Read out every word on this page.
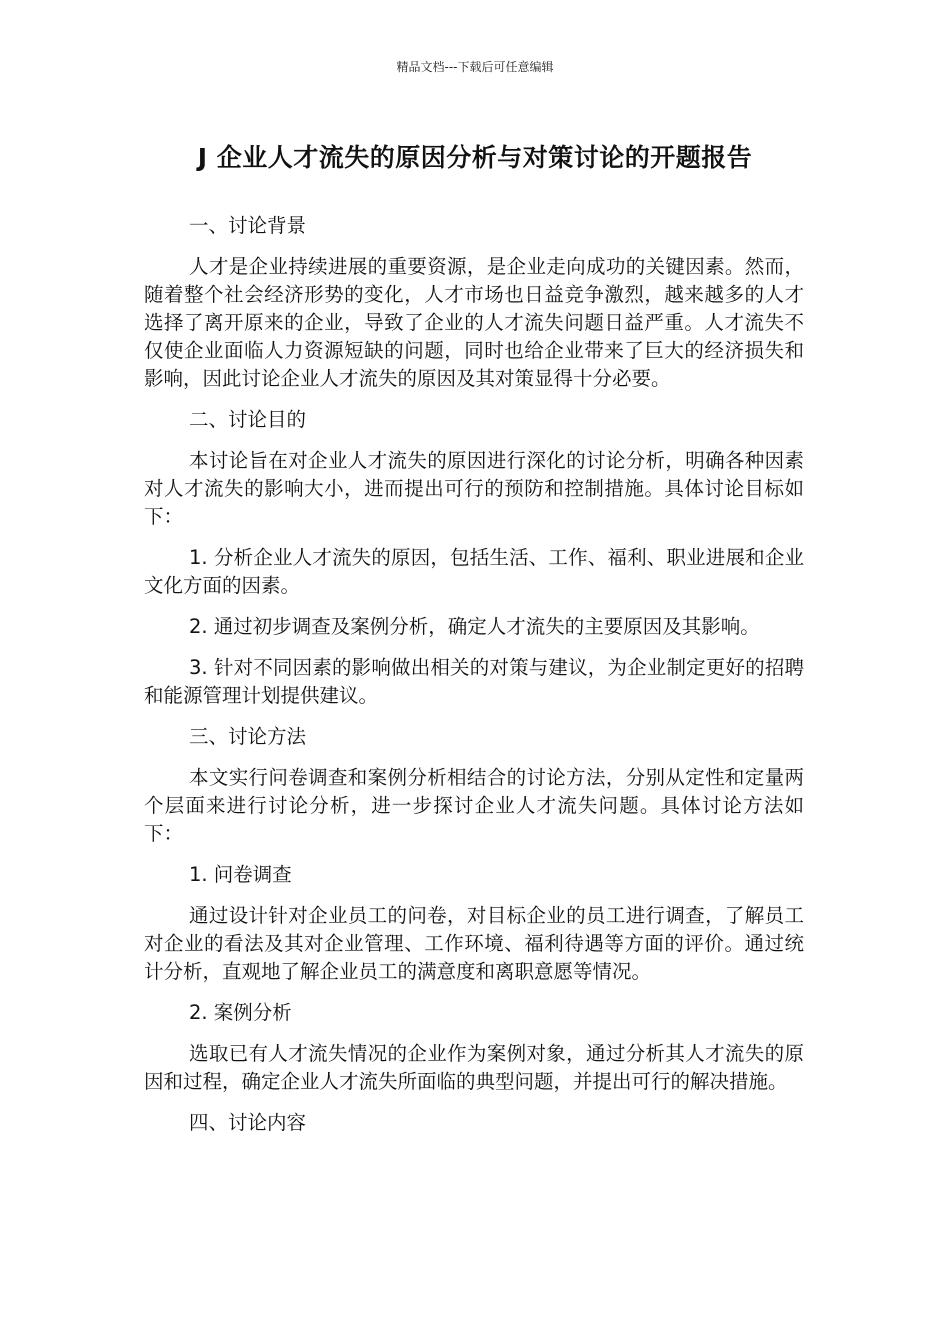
精品文档---下载后可任意编辑
J 企业人才流失的原因分析与对策讨论的开题报告
一、讨论背景
人才是企业持续进展的重要资源，是企业走向成功的关键因素。然而，随着整个社会经济形势的变化，人才市场也日益竞争激烈，越来越多的人才选择了离开原来的企业，导致了企业的人才流失问题日益严重。人才流失不仅使企业面临人力资源短缺的问题，同时也给企业带来了巨大的经济损失和影响，因此讨论企业人才流失的原因及其对策显得十分必要。
二、讨论目的
本讨论旨在对企业人才流失的原因进行深化的讨论分析，明确各种因素对人才流失的影响大小，进而提出可行的预防和控制措施。具体讨论目标如下：
1. 分析企业人才流失的原因，包括生活、工作、福利、职业进展和企业文化方面的因素。
2. 通过初步调查及案例分析，确定人才流失的主要原因及其影响。
3. 针对不同因素的影响做出相关的对策与建议，为企业制定更好的招聘和能源管理计划提供建议。
三、讨论方法
本文实行问卷调查和案例分析相结合的讨论方法，分别从定性和定量两个层面来进行讨论分析，进一步探讨企业人才流失问题。具体讨论方法如下：
1. 问卷调查
通过设计针对企业员工的问卷，对目标企业的员工进行调查，了解员工对企业的看法及其对企业管理、工作环境、福利待遇等方面的评价。通过统计分析，直观地了解企业员工的满意度和离职意愿等情况。
2. 案例分析
选取已有人才流失情况的企业作为案例对象，通过分析其人才流失的原因和过程，确定企业人才流失所面临的典型问题，并提出可行的解决措施。
四、讨论内容
